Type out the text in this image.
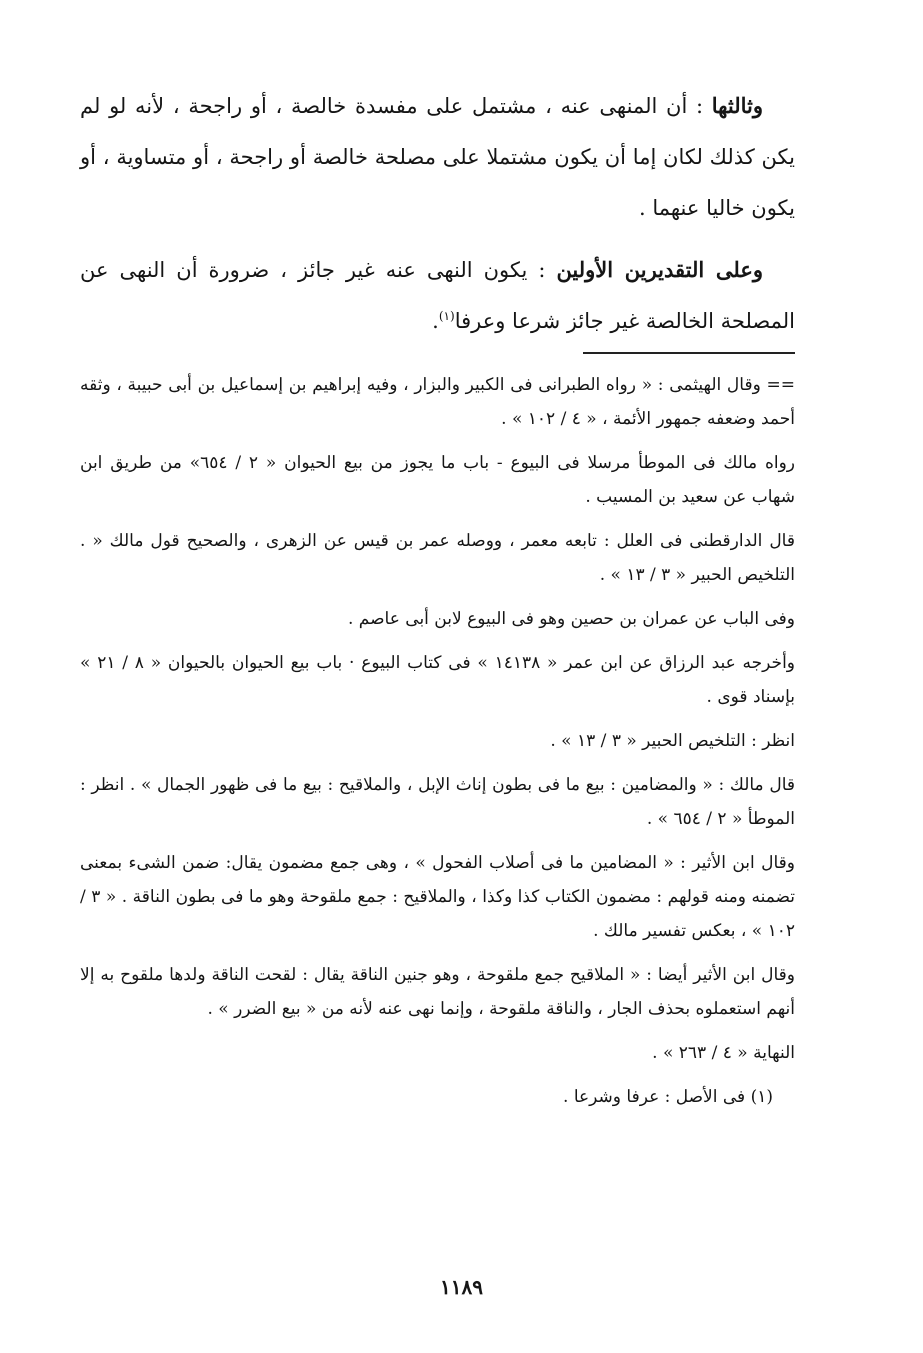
وثالثها : أن المنهى عنه ، مشتمل على مفسدة خالصة ، أو راجحة ، لأنه لو لم يكن كذلك لكان إما أن يكون مشتملا على مصلحة خالصة أو راجحة ، أو متساوية ، أو يكون خاليا عنهما .

وعلى التقديرين الأولين : يكون النهى عنه غير جائز ، ضرورة أن النهى عن المصلحة الخالصة غير جائز شرعا وعرفا$^{(١)}$.

== وقال الهيثمى : « رواه الطبرانى فى الكبير والبزار ، وفيه إبراهيم بن إسماعيل بن أبى حبيبة ، وثقه أحمد وضعفه جمهور الأئمة ، « ٤ / ١٠٢ » .

رواه مالك فى الموطأ مرسلا فى البيوع - باب ما يجوز من بيع الحيوان « ٢ / ٦٥٤» من طريق ابن شهاب عن سعيد بن المسيب .

قال الدارقطنى فى العلل : تابعه معمر ، ووصله عمر بن قيس عن الزهرى ، والصحيح قول مالك « . التلخيص الحبير « ٣ / ١٣ » .

وفى الباب عن عمران بن حصين وهو فى البيوع لابن أبى عاصم .

وأخرجه عبد الرزاق عن ابن عمر « ١٤١٣٨ » فى كتاب البيوع · باب بيع الحيوان بالحيوان « ٨ / ٢١ » بإسناد قوى .

انظر : التلخيص الحبير « ٣ / ١٣ » .

قال مالك : « والمضامين : بيع ما فى بطون إناث الإبل ، والملاقيح : بيع ما فى ظهور الجمال » . انظر : الموطأ « ٢ / ٦٥٤ » .

وقال ابن الأثير : « المضامين ما فى أصلاب الفحول » ، وهى جمع مضمون يقال: ضمن الشىء بمعنى تضمنه ومنه قولهم : مضمون الكتاب كذا وكذا ، والملاقيح : جمع ملقوحة وهو ما فى بطون الناقة . « ٣ / ١٠٢ » ، بعكس تفسير مالك .

وقال ابن الأثير أيضا : « الملاقيح جمع ملقوحة ، وهو جنين الناقة يقال : لقحت الناقة ولدها ملقوح به إلا أنهم استعملوه بحذف الجار ، والناقة ملقوحة ، وإنما نهى عنه لأنه من « بيع الضرر » .

النهاية « ٤ / ٢٦٣ » .

(١) فى الأصل : عرفا وشرعا .

١١٨٩
